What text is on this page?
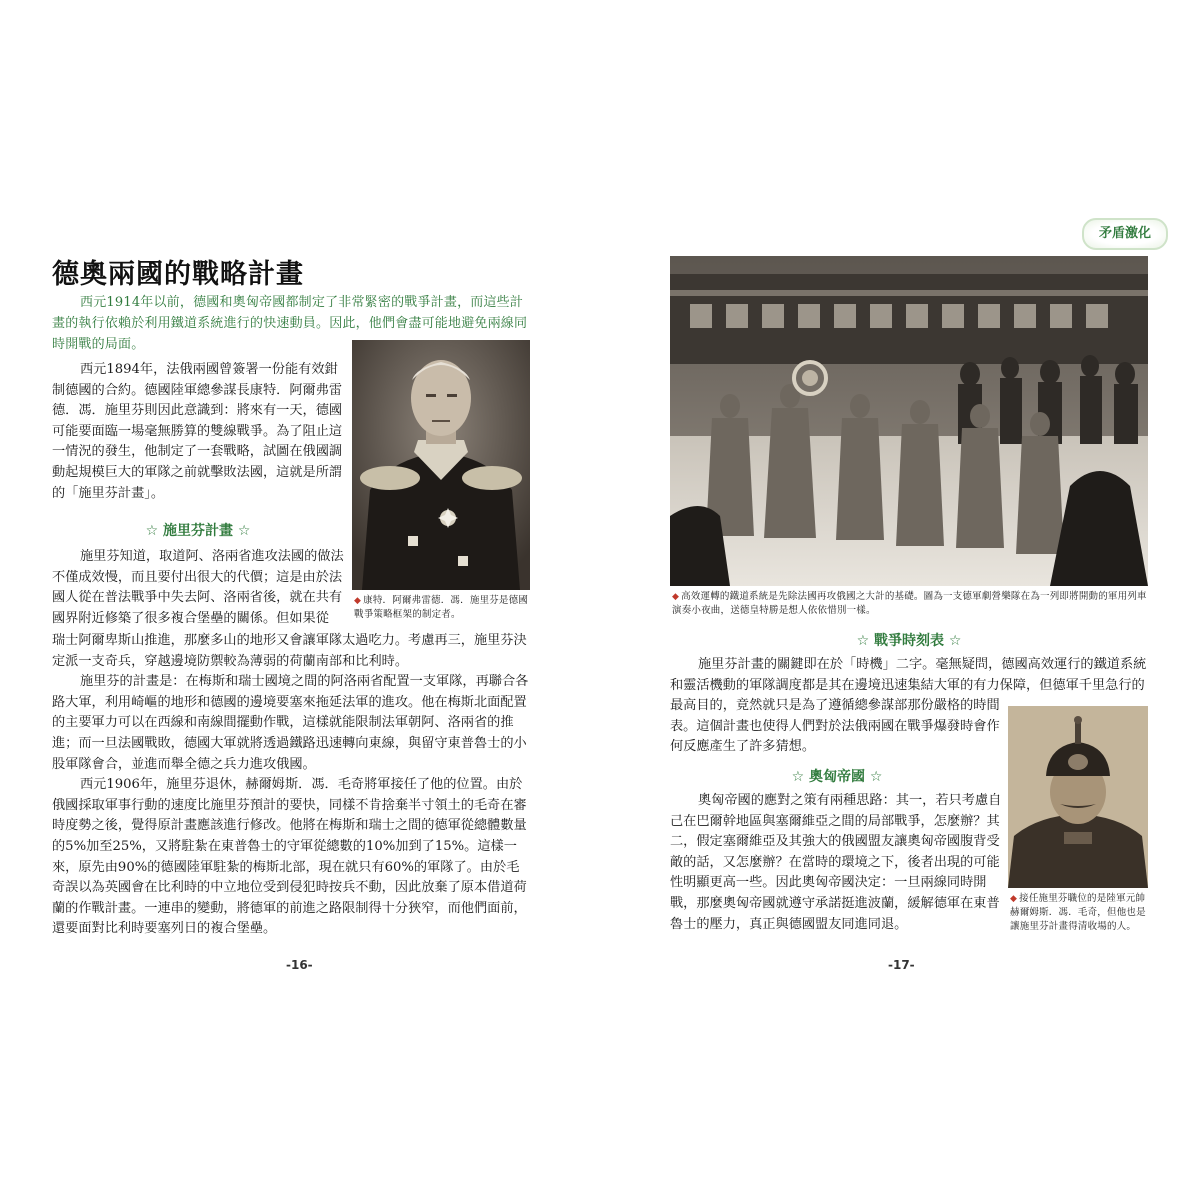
德奧兩國的戰略計畫
西元1914年以前，德國和奧匈帝國都制定了非常緊密的戰爭計畫，而這些計畫的執行依賴於利用鐵道系統進行的快速動員。因此，他們會盡可能地避免兩線同時開戰的局面。

西元1894年，法俄兩國曾簽署一份能有效鉗制德國的合約。德國陸軍總參謀長康特．阿爾弗雷德．馮．施里芬則因此意識到：將來有一天，德國可能要面臨一場毫無勝算的雙線戰爭。為了阻止這一情況的發生，他制定了一套戰略，試圖在俄國調動起規模巨大的軍隊之前就擊敗法國，這就是所謂的「施里芬計畫」。

☆ 施里芬計畫 ☆

施里芬知道，取道阿、洛兩省進攻法國的做法不僅成效慢，而且要付出很大的代價；這是由於法國人從在普法戰爭中失去阿、洛兩省後，就在共有國界附近修築了很多複合堡壘的關係。但如果從

瑞士阿爾卑斯山推進，那麼多山的地形又會讓軍隊太過吃力。考慮再三，施里芬決定派一支奇兵，穿越邊境防禦較為薄弱的荷蘭南部和比利時。

施里芬的計畫是：在梅斯和瑞士國境之間的阿洛兩省配置一支軍隊，再聯合各路大軍，利用崎嶇的地形和德國的邊境要塞來拖延法軍的進攻。他在梅斯北面配置的主要軍力可以在西線和南線間擺動作戰，這樣就能限制法軍朝阿、洛兩省的推進；而一旦法國戰敗，德國大軍就將透過鐵路迅速轉向東線，與留守東普魯士的小股軍隊會合，並進而舉全德之兵力進攻俄國。

西元1906年，施里芬退休，赫爾姆斯．馮．毛奇將軍接任了他的位置。由於俄國採取軍事行動的速度比施里芬預計的要快，同樣不肯捨棄半寸領土的毛奇在審時度勢之後，覺得原計畫應該進行修改。他將在梅斯和瑞士之間的德軍從總體數量的5%加至25%，又將駐紮在東普魯士的守軍從總數的10%加到了15%。這樣一來，原先由90%的德國陸軍駐紮的梅斯北部，現在就只有60%的軍隊了。由於毛奇誤以為英國會在比利時的中立地位受到侵犯時按兵不動，因此放棄了原本借道荷蘭的作戰計畫。一連串的變動，將德軍的前進之路限制得十分狹窄，而他們面前，還要面對比利時要塞列日的複合堡壘。

◆ 康特．阿爾弗雷德．馮．施里芬是德國戰爭策略框架的制定者。
-16-
矛盾激化
◆ 高效運轉的鐵道系統是先除法國再攻俄國之大計的基礎。圖為一支德軍劇營樂隊在為一列即將開動的軍用列車演奏小夜曲，送德皇特勝是想人依依惜別一樣。
☆ 戰爭時刻表 ☆

施里芬計畫的關鍵即在於「時機」二字。毫無疑問，德國高效運行的鐵道系統和靈活機動的軍隊調度都是其在邊境迅速集結大軍的有力保障，但德軍千里急行的

最高目的，竟然就只是為了遵循總參謀部那份嚴格的時間表。這個計畫也使得人們對於法俄兩國在戰爭爆發時會作何反應產生了許多猜想。

☆ 奧匈帝國 ☆

奧匈帝國的應對之策有兩種思路：其一，若只考慮自己在巴爾幹地區與塞爾維亞之間的局部戰爭，怎麼辦？其二，假定塞爾維亞及其強大的俄國盟友讓奧匈帝國腹背受敵的話，又怎麼辦？在當時的環境之下，後者出現的可能性明顯更高一些。因此奧匈帝國決定：一旦兩線同時開戰，那麼奧匈帝國就遵守承諾挺進波蘭，緩解德軍在東普魯士的壓力，真正與德國盟友同進同退。

◆ 接任施里芬職位的是陸軍元帥赫爾姆斯．馮．毛奇，但他也是讓施里芬計畫得清收場的人。
-17-
